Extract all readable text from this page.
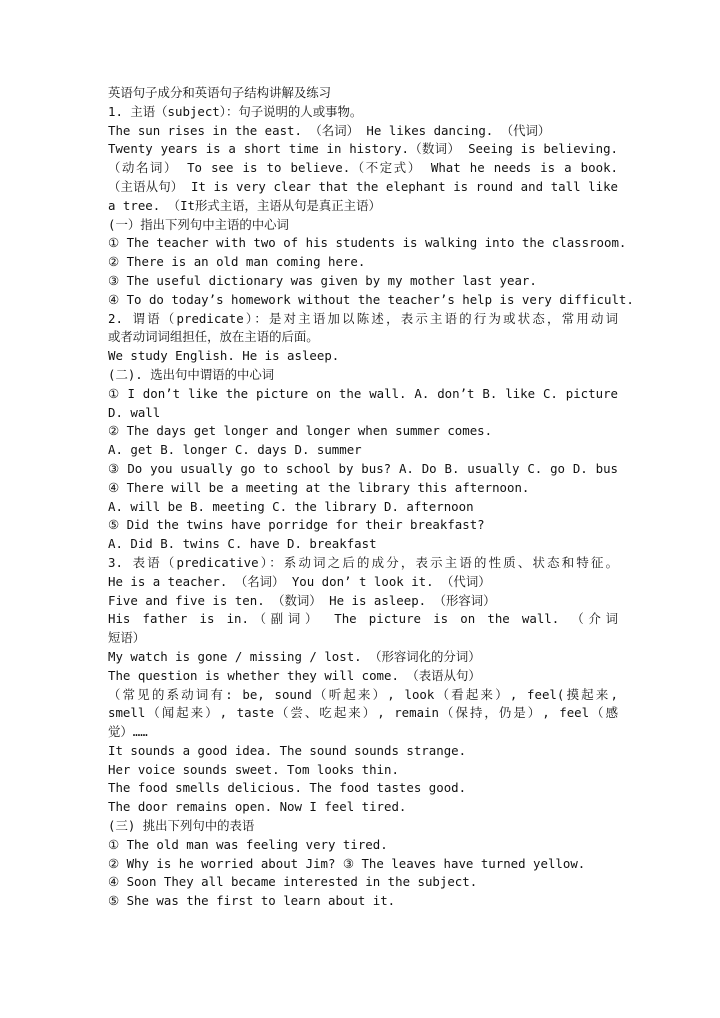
英语句子成分和英语句子结构讲解及练习
1. 主语（subject）：句子说明的人或事物。
The sun rises in the east. （名词） He likes dancing. （代词）
Twenty years is a short time in history.（数词） Seeing is believing.
（动名词） To see is to believe.（不定式） What he needs is a book.
（主语从句） It is very clear that the elephant is round and tall like
a tree. （It形式主语，主语从句是真正主语）
(一）指出下列句中主语的中心词
① The teacher with two of his students is walking into the classroom.
② There is an old man coming here.
③ The useful dictionary was given by my mother last year.
④ To do today’s homework without the teacher’s help is very difficult.
2. 谓语（predicate）：是对主语加以陈述，表示主语的行为或状态，常用动词
或者动词词组担任，放在主语的后面。
We study English. He is asleep.
(二). 选出句中谓语的中心词
① I don’t like the picture on the wall. A. don’t B. like C. picture
D. wall
② The days get longer and longer when summer comes.
A. get B. longer C. days D. summer
③ Do you usually go to school by bus? A. Do B. usually C. go D. bus
④ There will be a meeting at the library this afternoon.
A. will be B. meeting C. the library D. afternoon
⑤ Did the twins have porridge for their breakfast?
A. Did B. twins C. have D. breakfast
3. 表语（predicative）：系动词之后的成分，表示主语的性质、状态和特征。
He is a teacher. （名词） You don’ t look it. （代词）
Five and five is ten. （数词） He is asleep. （形容词）
His father is in.（副词） The picture is on the wall. （介词
短语）
My watch is gone / missing / lost. （形容词化的分词）
The question is whether they will come. （表语从句）
（常见的系动词有: be, sound（听起来）, look（看起来）, feel(摸起来,
smell（闻起来）, taste（尝、吃起来）, remain（保持，仍是）, feel（感
觉）……
It sounds a good idea. The sound sounds strange.
Her voice sounds sweet. Tom looks thin.
The food smells delicious. The food tastes good.
The door remains open. Now I feel tired.
(三) 挑出下列句中的表语
① The old man was feeling very tired.
② Why is he worried about Jim? ③ The leaves have turned yellow.
④ Soon They all became interested in the subject.
⑤ She was the first to learn about it.
